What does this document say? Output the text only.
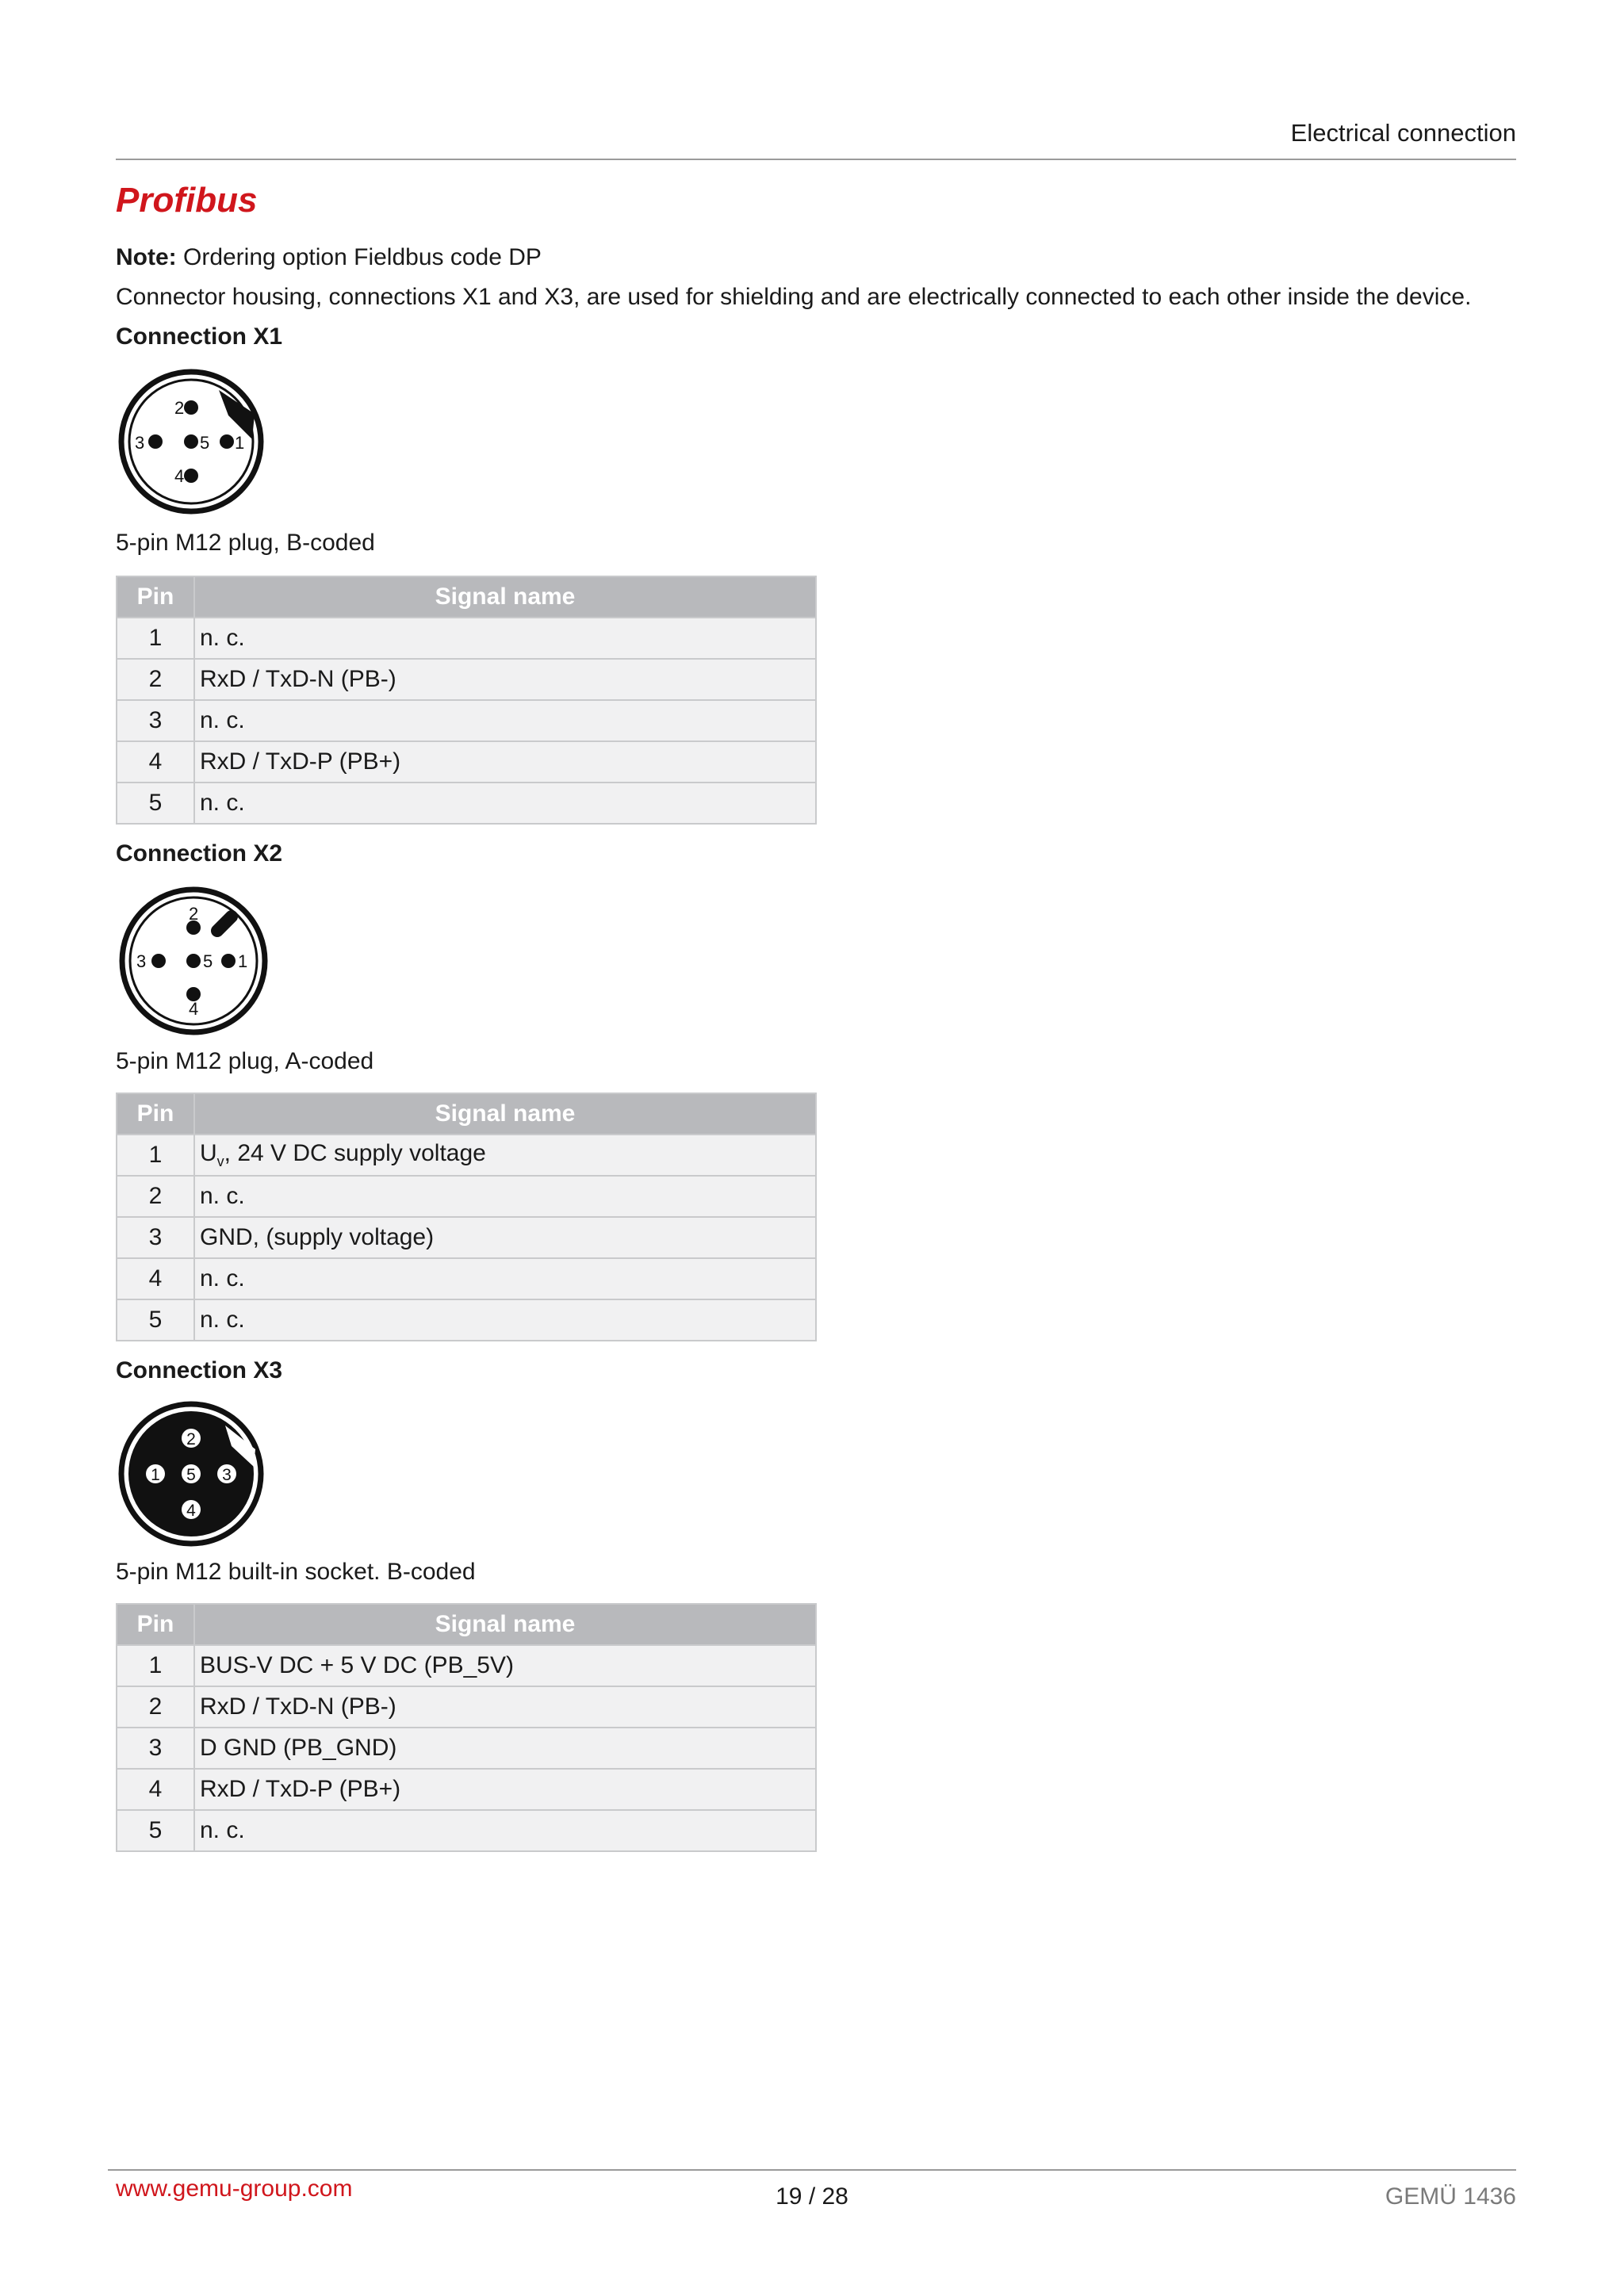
Electrical connection
Profibus
Note: Ordering option Fieldbus code DP
Connector housing, connections X1 and X3, are used for shielding and are electrically connected to each other inside the device.
Connection X1
2
3	5 1
4
5-pin M12 plug, B-coded
Pin	Signal name
1	n. c.
2	RxD / TxD-N (PB-)
3	n. c.
4	RxD / TxD-P (PB+)
5	n. c.
Connection X2
2
3	5 1
4
5-pin M12 plug, A-coded
Pin	Signal name
1	$U_v$, 24 V DC supply voltage
2	n. c.
3	GND, (supply voltage)
4	n. c.
5	n. c.
Connection X3
2
1 5 3
4
5-pin M12 built-in socket. B-coded
Pin	Signal name
1	BUS-V DC + 5 V DC (PB_5V)
2	RxD / TxD-N (PB-)
3	D GND (PB_GND)
4	RxD / TxD-P (PB+)
5	n. c.
www.gemu-group.com	19 / 28	GEMÜ 1436
